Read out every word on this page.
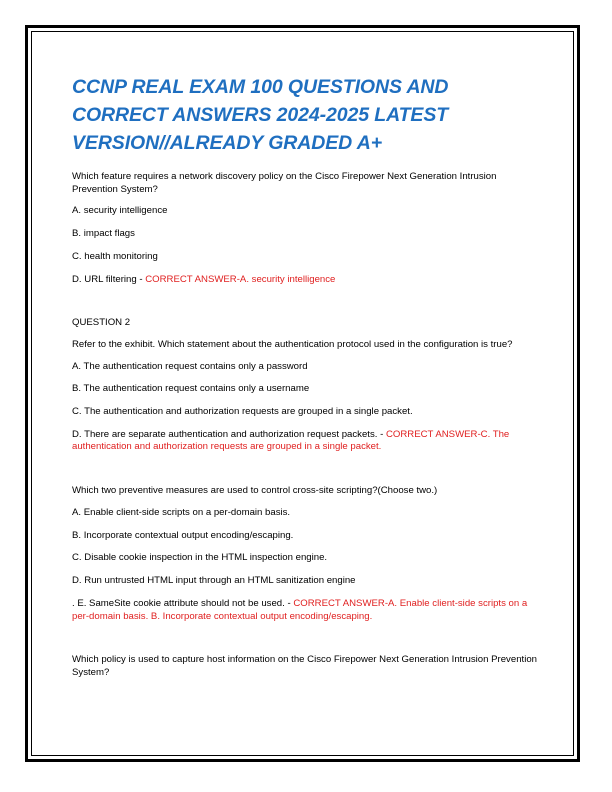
CCNP REAL EXAM 100 QUESTIONS AND CORRECT ANSWERS 2024-2025 LATEST VERSION//ALREADY GRADED A+

Which feature requires a network discovery policy on the Cisco Firepower Next Generation Intrusion Prevention System?

A. security intelligence

B. impact flags

C. health monitoring

D. URL filtering - CORRECT ANSWER-A. security intelligence

QUESTION 2

Refer to the exhibit. Which statement about the authentication protocol used in the configuration is true?

A. The authentication request contains only a password

B. The authentication request contains only a username

C. The authentication and authorization requests are grouped in a single packet.

D. There are separate authentication and authorization request packets. - CORRECT ANSWER-C. The authentication and authorization requests are grouped in a single packet.

Which two preventive measures are used to control cross-site scripting?(Choose two.)

A. Enable client-side scripts on a per-domain basis.

B. Incorporate contextual output encoding/escaping.

C. Disable cookie inspection in the HTML inspection engine.

D. Run untrusted HTML input through an HTML sanitization engine

. E. SameSite cookie attribute should not be used. - CORRECT ANSWER-A. Enable client-side scripts on a per-domain basis. B. Incorporate contextual output encoding/escaping.

Which policy is used to capture host information on the Cisco Firepower Next Generation Intrusion Prevention System?
